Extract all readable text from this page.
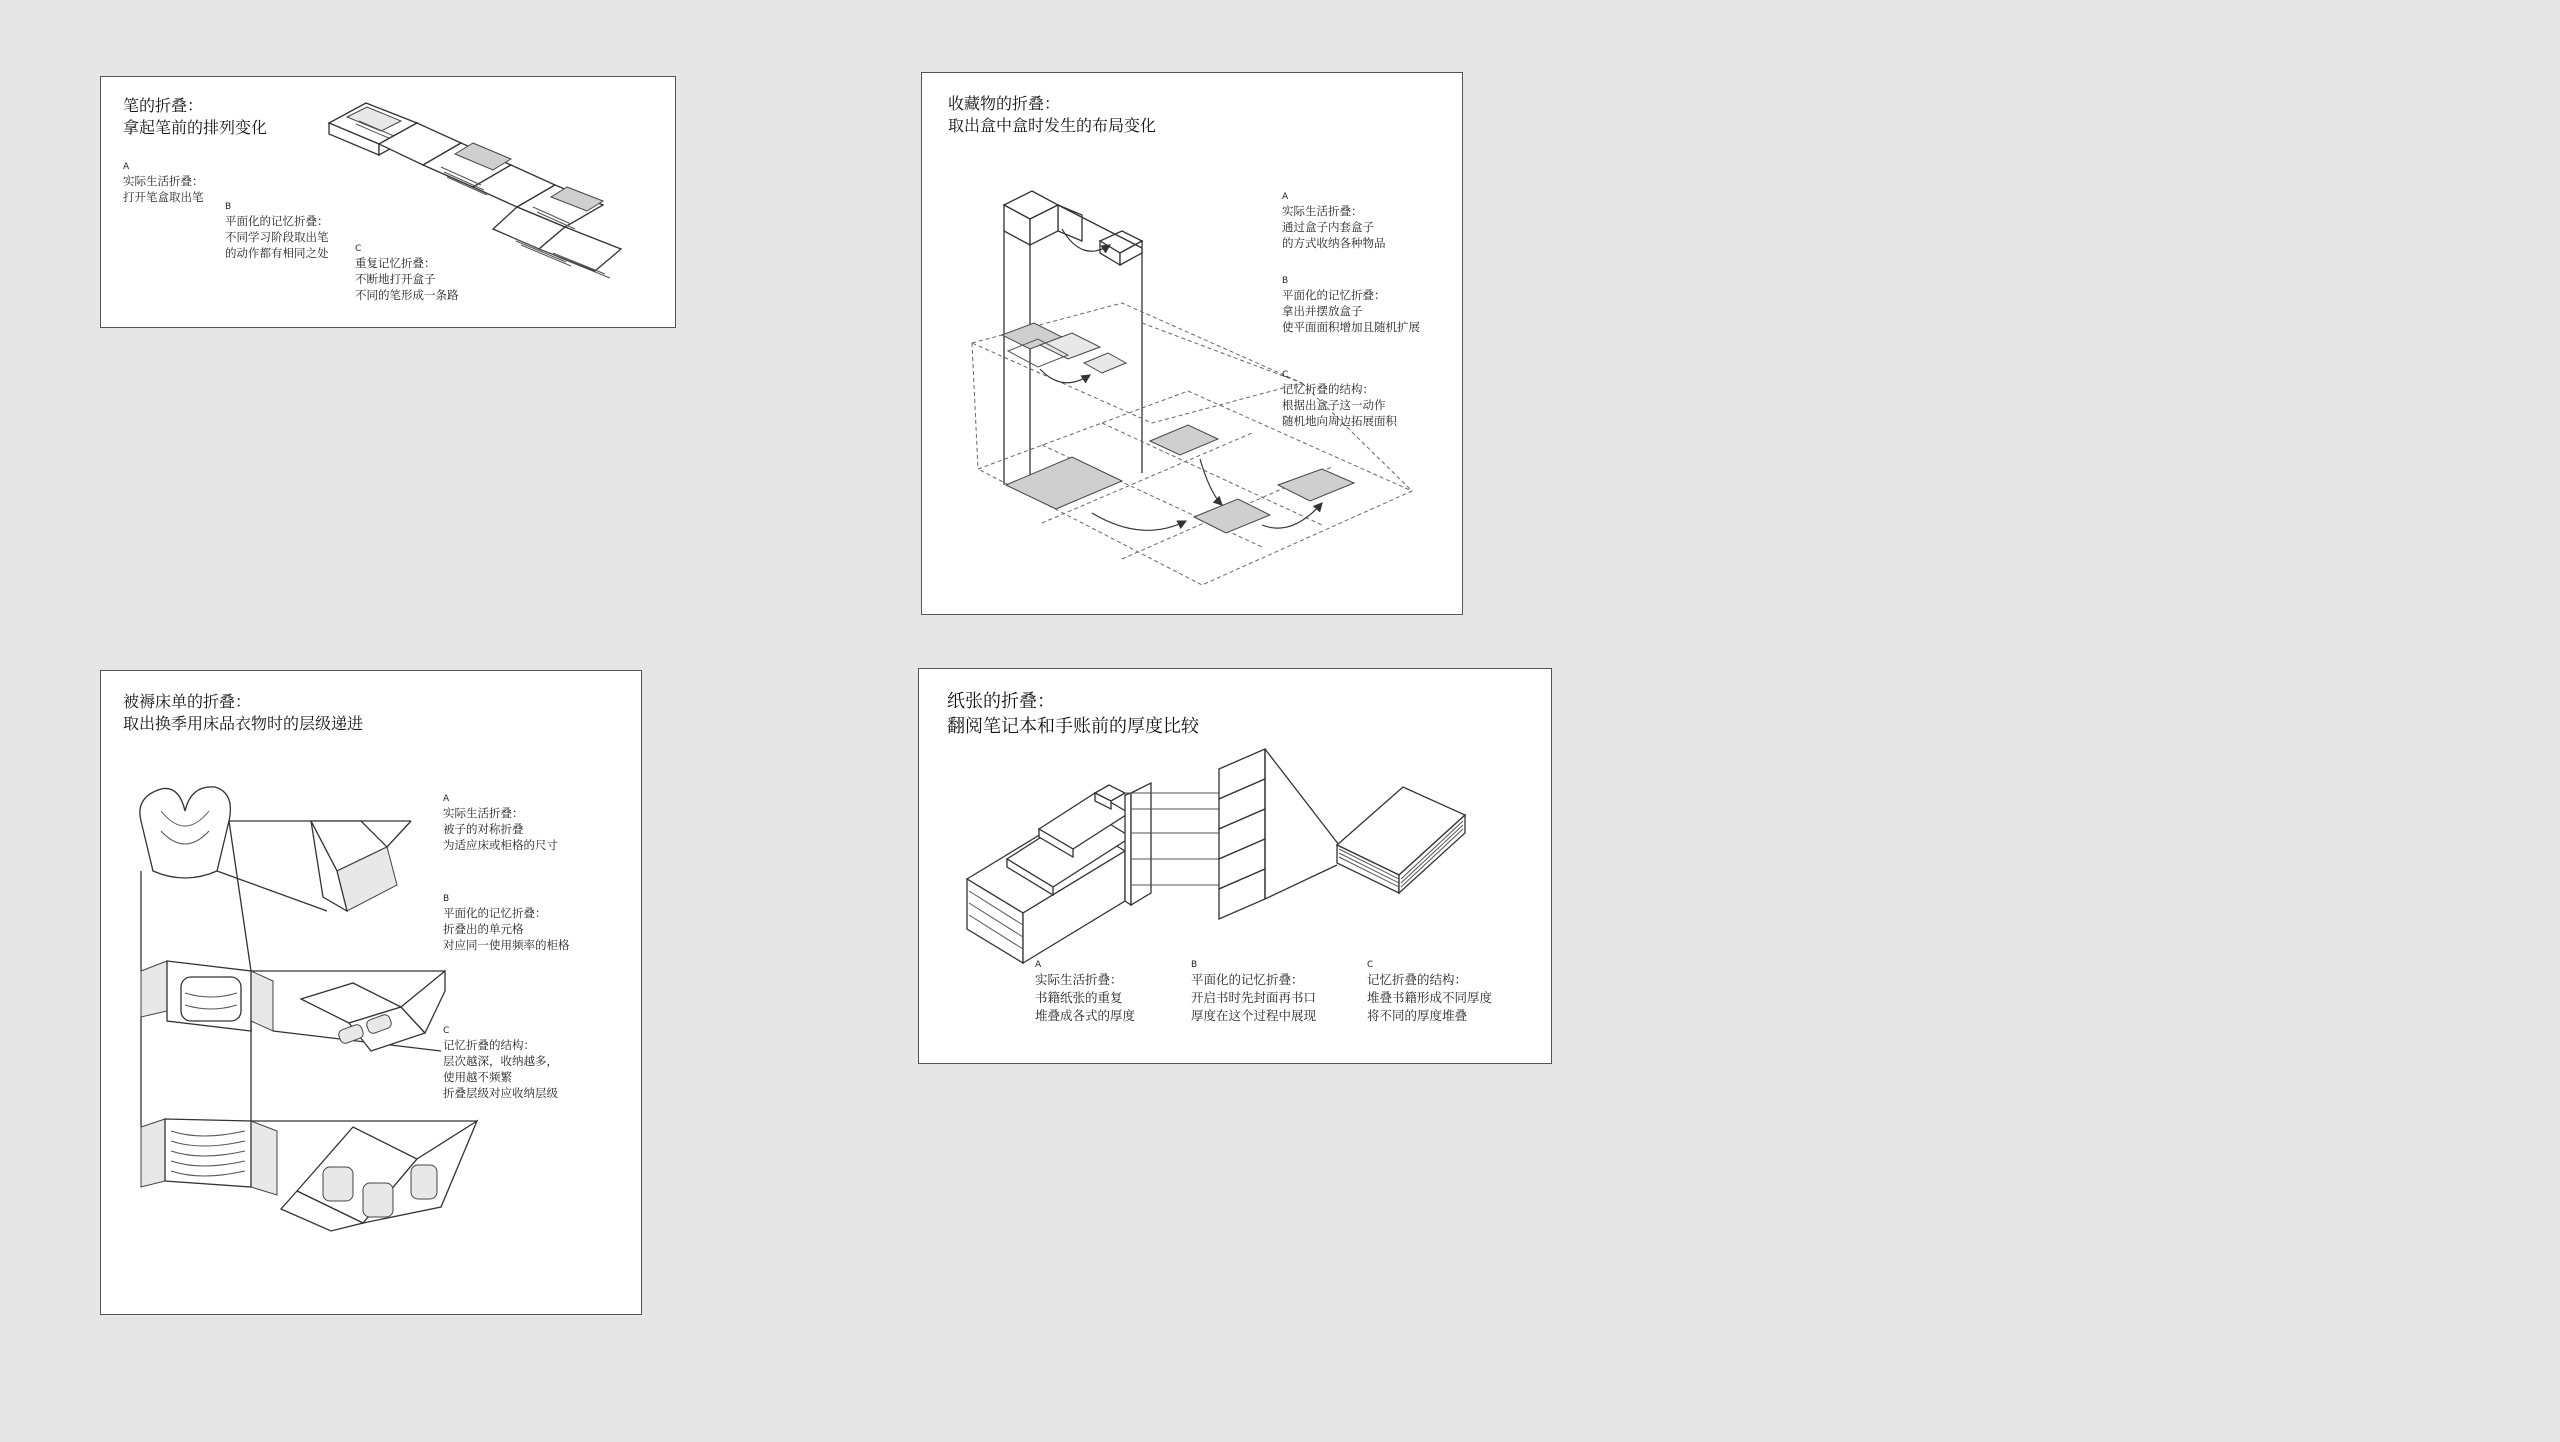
笔的折叠：
拿起笔前的排列变化
A
实际生活折叠：
打开笔盒取出笔
B
平面化的记忆折叠：
不同学习阶段取出笔
的动作都有相同之处	C
重复记忆折叠：
不断地打开盒子
不同的笔形成一条路
收藏物的折叠：
取出盒中盒时发生的布局变化
A
实际生活折叠：
通过盒子内套盒子
的方式收纳各种物品
B
平面化的记忆折叠：
拿出并摆放盒子
使平面面积增加且随机扩展
C
记忆折叠的结构：
根据出盒子这一动作
随机地向周边拓展面积
被褥床单的折叠：
取出换季用床品衣物时的层级递进
A
实际生活折叠：
被子的对称折叠
为适应床或柜格的尺寸
B
平面化的记忆折叠：
折叠出的单元格
对应同一使用频率的柜格
C
记忆折叠的结构：
层次越深，收纳越多，
使用越不频繁
折叠层级对应收纳层级
纸张的折叠：
翻阅笔记本和手账前的厚度比较
A
实际生活折叠：
书籍纸张的重复
堆叠成各式的厚度
B
平面化的记忆折叠：
开启书时先封面再书口
厚度在这个过程中展现
C
记忆折叠的结构：
堆叠书籍形成不同厚度
将不同的厚度堆叠
